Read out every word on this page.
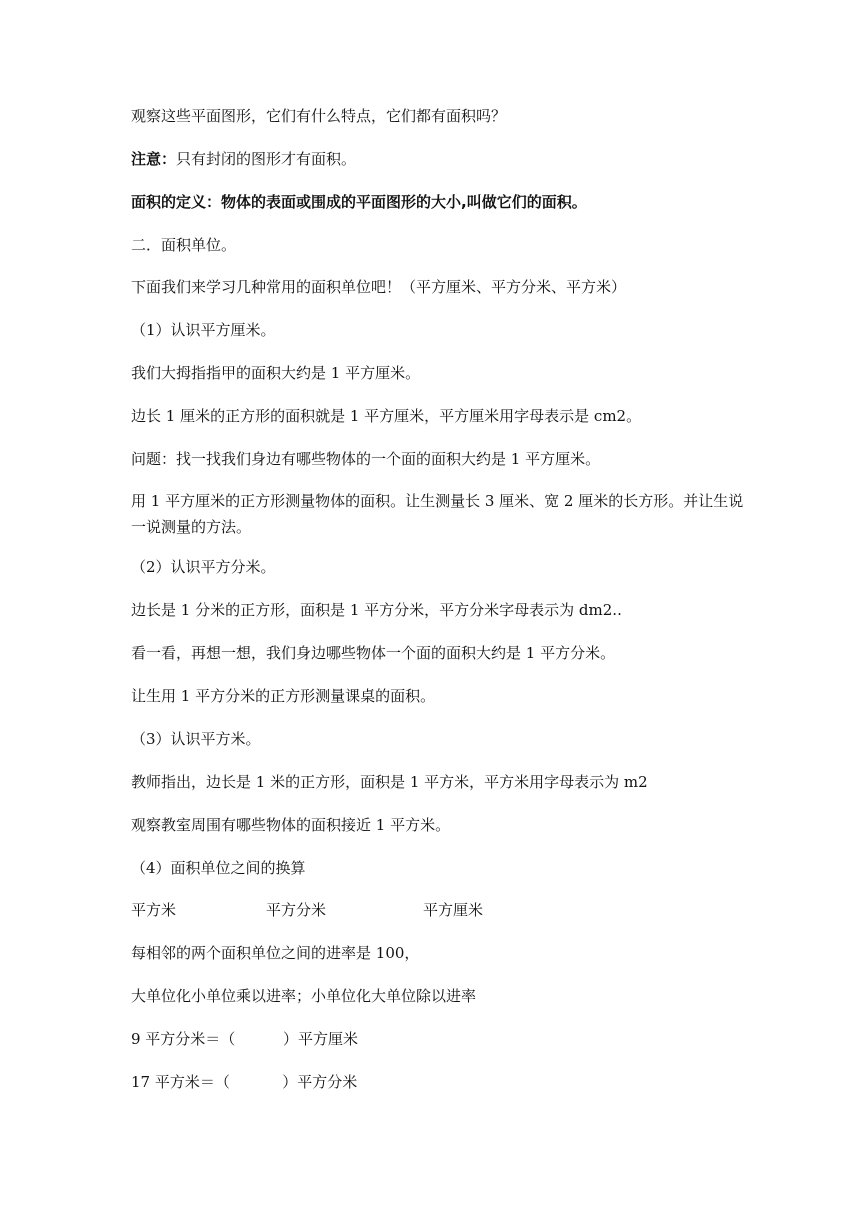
观察这些平面图形，它们有什么特点，它们都有面积吗？
注意：只有封闭的图形才有面积。
面积的定义：物体的表面或围成的平面图形的大小,叫做它们的面积。
二．面积单位。
下面我们来学习几种常用的面积单位吧！（平方厘米、平方分米、平方米）
（1）认识平方厘米。
我们大拇指指甲的面积大约是 1 平方厘米。
边长 1 厘米的正方形的面积就是 1 平方厘米，平方厘米用字母表示是 cm2。
问题：找一找我们身边有哪些物体的一个面的面积大约是 1 平方厘米。
用 1 平方厘米的正方形测量物体的面积。让生测量长 3 厘米、宽 2 厘米的长方形。并让生说一说测量的方法。
（2）认识平方分米。
边长是 1 分米的正方形，面积是 1 平方分米，平方分米字母表示为 dm2..
看一看，再想一想，我们身边哪些物体一个面的面积大约是 1 平方分米。
让生用 1 平方分米的正方形测量课桌的面积。
（3）认识平方米。
教师指出，边长是 1 米的正方形，面积是 1 平方米，平方米用字母表示为 m2
观察教室周围有哪些物体的面积接近 1 平方米。
（4）面积单位之间的换算
平方米	平方分米	平方厘米
每相邻的两个面积单位之间的进率是 100，
大单位化小单位乘以进率；小单位化大单位除以进率
9 平方分米＝（          ）平方厘米
17 平方米＝（           ）平方分米
